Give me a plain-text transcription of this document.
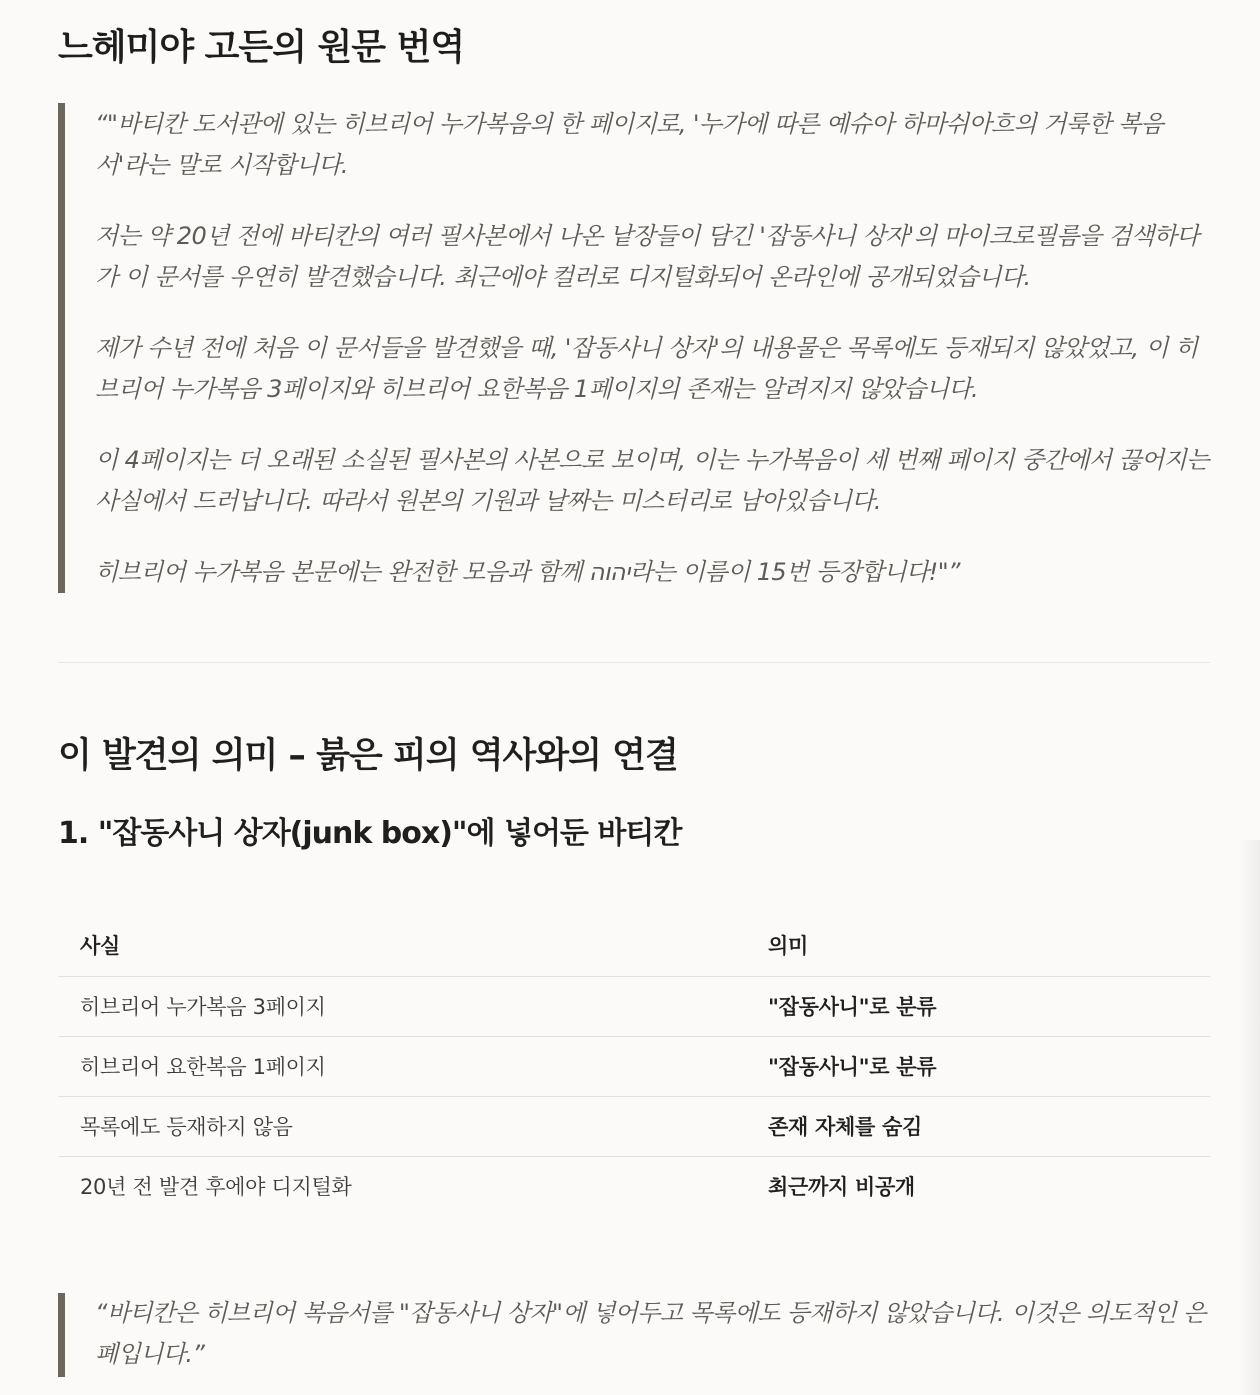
느헤미야 고든의 원문 번역

“"바티칸 도서관에 있는 히브리어 누가복음의 한 페이지로, '누가에 따른 예슈아 하마쉬아흐의 거룩한 복음서'라는 말로 시작합니다.

저는 약 20년 전에 바티칸의 여러 필사본에서 나온 낱장들이 담긴 '잡동사니 상자'의 마이크로필름을 검색하다가 이 문서를 우연히 발견했습니다. 최근에야 컬러로 디지털화되어 온라인에 공개되었습니다.

제가 수년 전에 처음 이 문서들을 발견했을 때, '잡동사니 상자'의 내용물은 목록에도 등재되지 않았었고, 이 히브리어 누가복음 3페이지와 히브리어 요한복음 1페이지의 존재는 알려지지 않았습니다.

이 4페이지는 더 오래된 소실된 필사본의 사본으로 보이며, 이는 누가복음이 세 번째 페이지 중간에서 끊어지는 사실에서 드러납니다. 따라서 원본의 기원과 날짜는 미스터리로 남아있습니다.

히브리어 누가복음 본문에는 완전한 모음과 함께 יהוה라는 이름이 15번 등장합니다!"”

이 발견의 의미 – 붉은 피의 역사와의 연결
1. "잡동사니 상자(junk box)"에 넣어둔 바티칸
사실	의미
히브리어 누가복음 3페이지	"잡동사니"로 분류
히브리어 요한복음 1페이지	"잡동사니"로 분류
목록에도 등재하지 않음	존재 자체를 숨김
20년 전 발견 후에야 디지털화	최근까지 비공개

“바티칸은 히브리어 복음서를 "잡동사니 상자"에 넣어두고 목록에도 등재하지 않았습니다. 이것은 의도적인 은폐입니다.”
